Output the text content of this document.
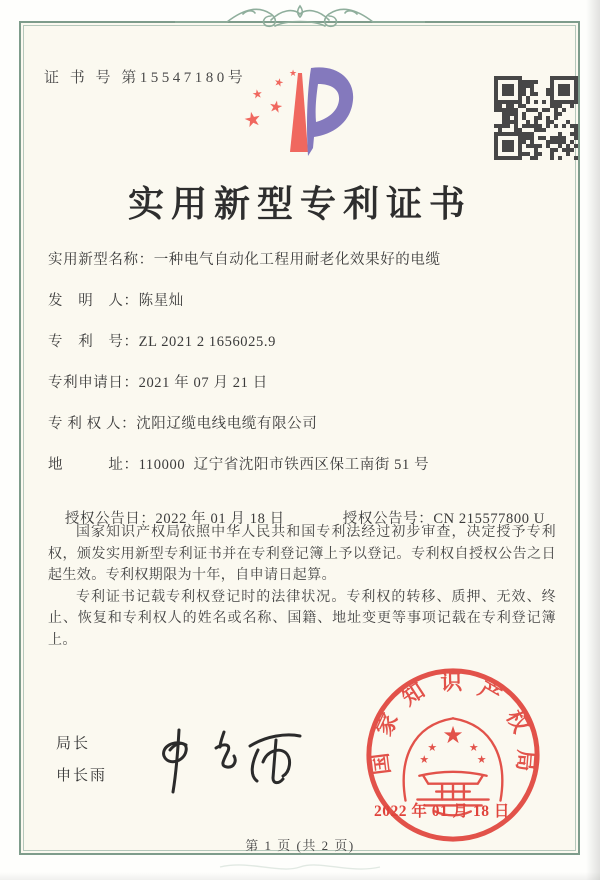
证 书 号 第15547180号
★ ★
★
★
★
实用新型专利证书
实用新型名称：一种电气自动化工程用耐老化效果好的电缆
发　明　人：陈星灿
专　利　号：ZL 2021 2 1656025.9
专利申请日：2021 年 07 月 21 日
专 利 权 人：沈阳辽缆电线电缆有限公司
地　　　址：110000  辽宁省沈阳市铁西区保工南街 51 号

授权公告日：2022 年 01 月 18 日	授权公告号：CN 215577800 U

国家知识产权局依照中华人民共和国专利法经过初步审查，决定授予专利权，颁发实用新型专利证书并在专利登记簿上予以登记。专利权自授权公告之日起生效。专利权期限为十年，自申请日起算。

专利证书记载专利权登记时的法律状况。专利权的转移、质押、无效、终止、恢复和专利权人的姓名或名称、国籍、地址变更等事项记载在专利登记簿上。

局长
申长雨	国家知识产权局
★
★	★
★	★
2022 年 01 月 18 日
第 1 页 (共 2 页)
